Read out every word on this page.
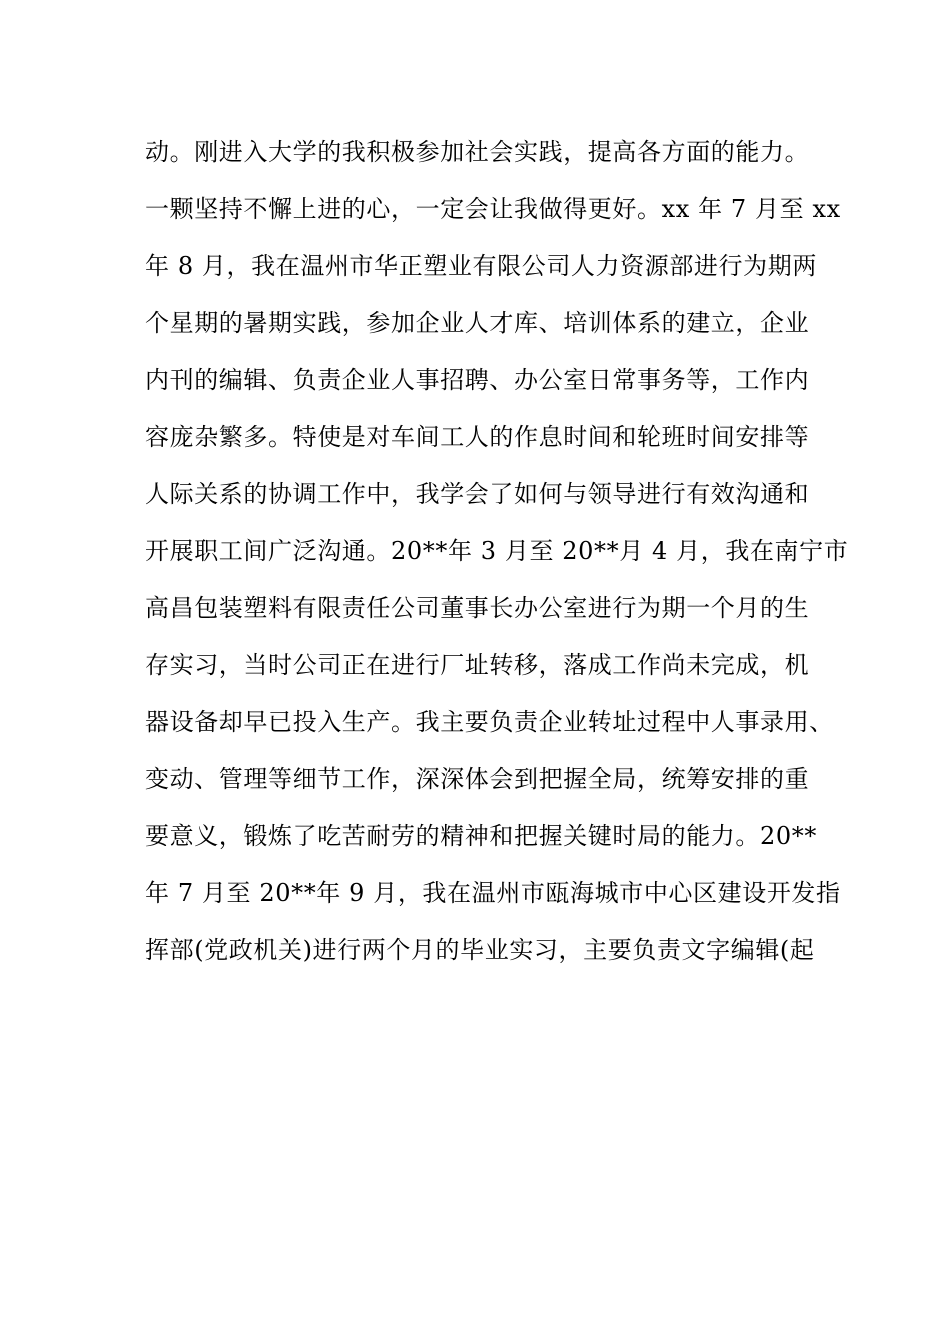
动。刚进入大学的我积极参加社会实践，提高各方面的能力。
一颗坚持不懈上进的心，一定会让我做得更好。xx 年 7 月至 xx
年 8 月，我在温州市华正塑业有限公司人力资源部进行为期两
个星期的暑期实践，参加企业人才库、培训体系的建立，企业
内刊的编辑、负责企业人事招聘、办公室日常事务等，工作内
容庞杂繁多。特使是对车间工人的作息时间和轮班时间安排等
人际关系的协调工作中，我学会了如何与领导进行有效沟通和
开展职工间广泛沟通。20**年 3 月至 20**月 4 月，我在南宁市
高昌包装塑料有限责任公司董事长办公室进行为期一个月的生
存实习，当时公司正在进行厂址转移，落成工作尚未完成，机
器设备却早已投入生产。我主要负责企业转址过程中人事录用、
变动、管理等细节工作，深深体会到把握全局，统筹安排的重
要意义，锻炼了吃苦耐劳的精神和把握关键时局的能力。20**
年 7 月至 20**年 9 月，我在温州市瓯海城市中心区建设开发指
挥部(党政机关)进行两个月的毕业实习，主要负责文字编辑(起
